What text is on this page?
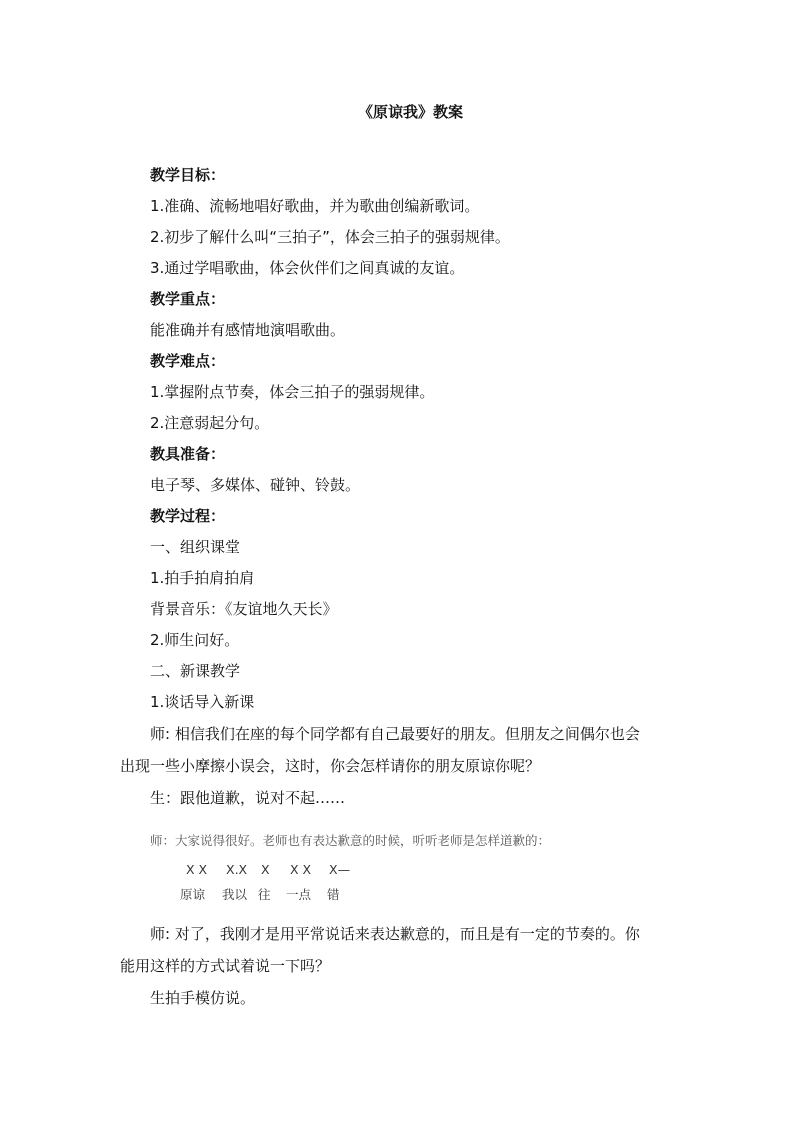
《原谅我》教案
教学目标：
1.准确、流畅地唱好歌曲，并为歌曲创编新歌词。
2.初步了解什么叫“三拍子”，体会三拍子的强弱规律。
3.通过学唱歌曲，体会伙伴们之间真诚的友谊。
教学重点：
能准确并有感情地演唱歌曲。
教学难点：
1.掌握附点节奏，体会三拍子的强弱规律。
2.注意弱起分句。
教具准备：
电子琴、多媒体、碰钟、铃鼓。
教学过程：
一、组织课堂
1.拍手拍肩拍肩
背景音乐：《友谊地久天长》
2.师生问好。
二、新课教学
1.谈话导入新课
师: 相信我们在座的每个同学都有自己最要好的朋友。但朋友之间偶尔也会
出现一些小摩擦小误会，这时，你会怎样请你的朋友原谅你呢？
生：跟他道歉，说对不起……
师：大家说得很好。老师也有表达歉意的时候，听听老师是怎样道歉的：
X X X.X X X X X—
原谅 我以 往 一点 错
师: 对了，我刚才是用平常说话来表达歉意的，而且是有一定的节奏的。你
能用这样的方式试着说一下吗？
生拍手模仿说。
